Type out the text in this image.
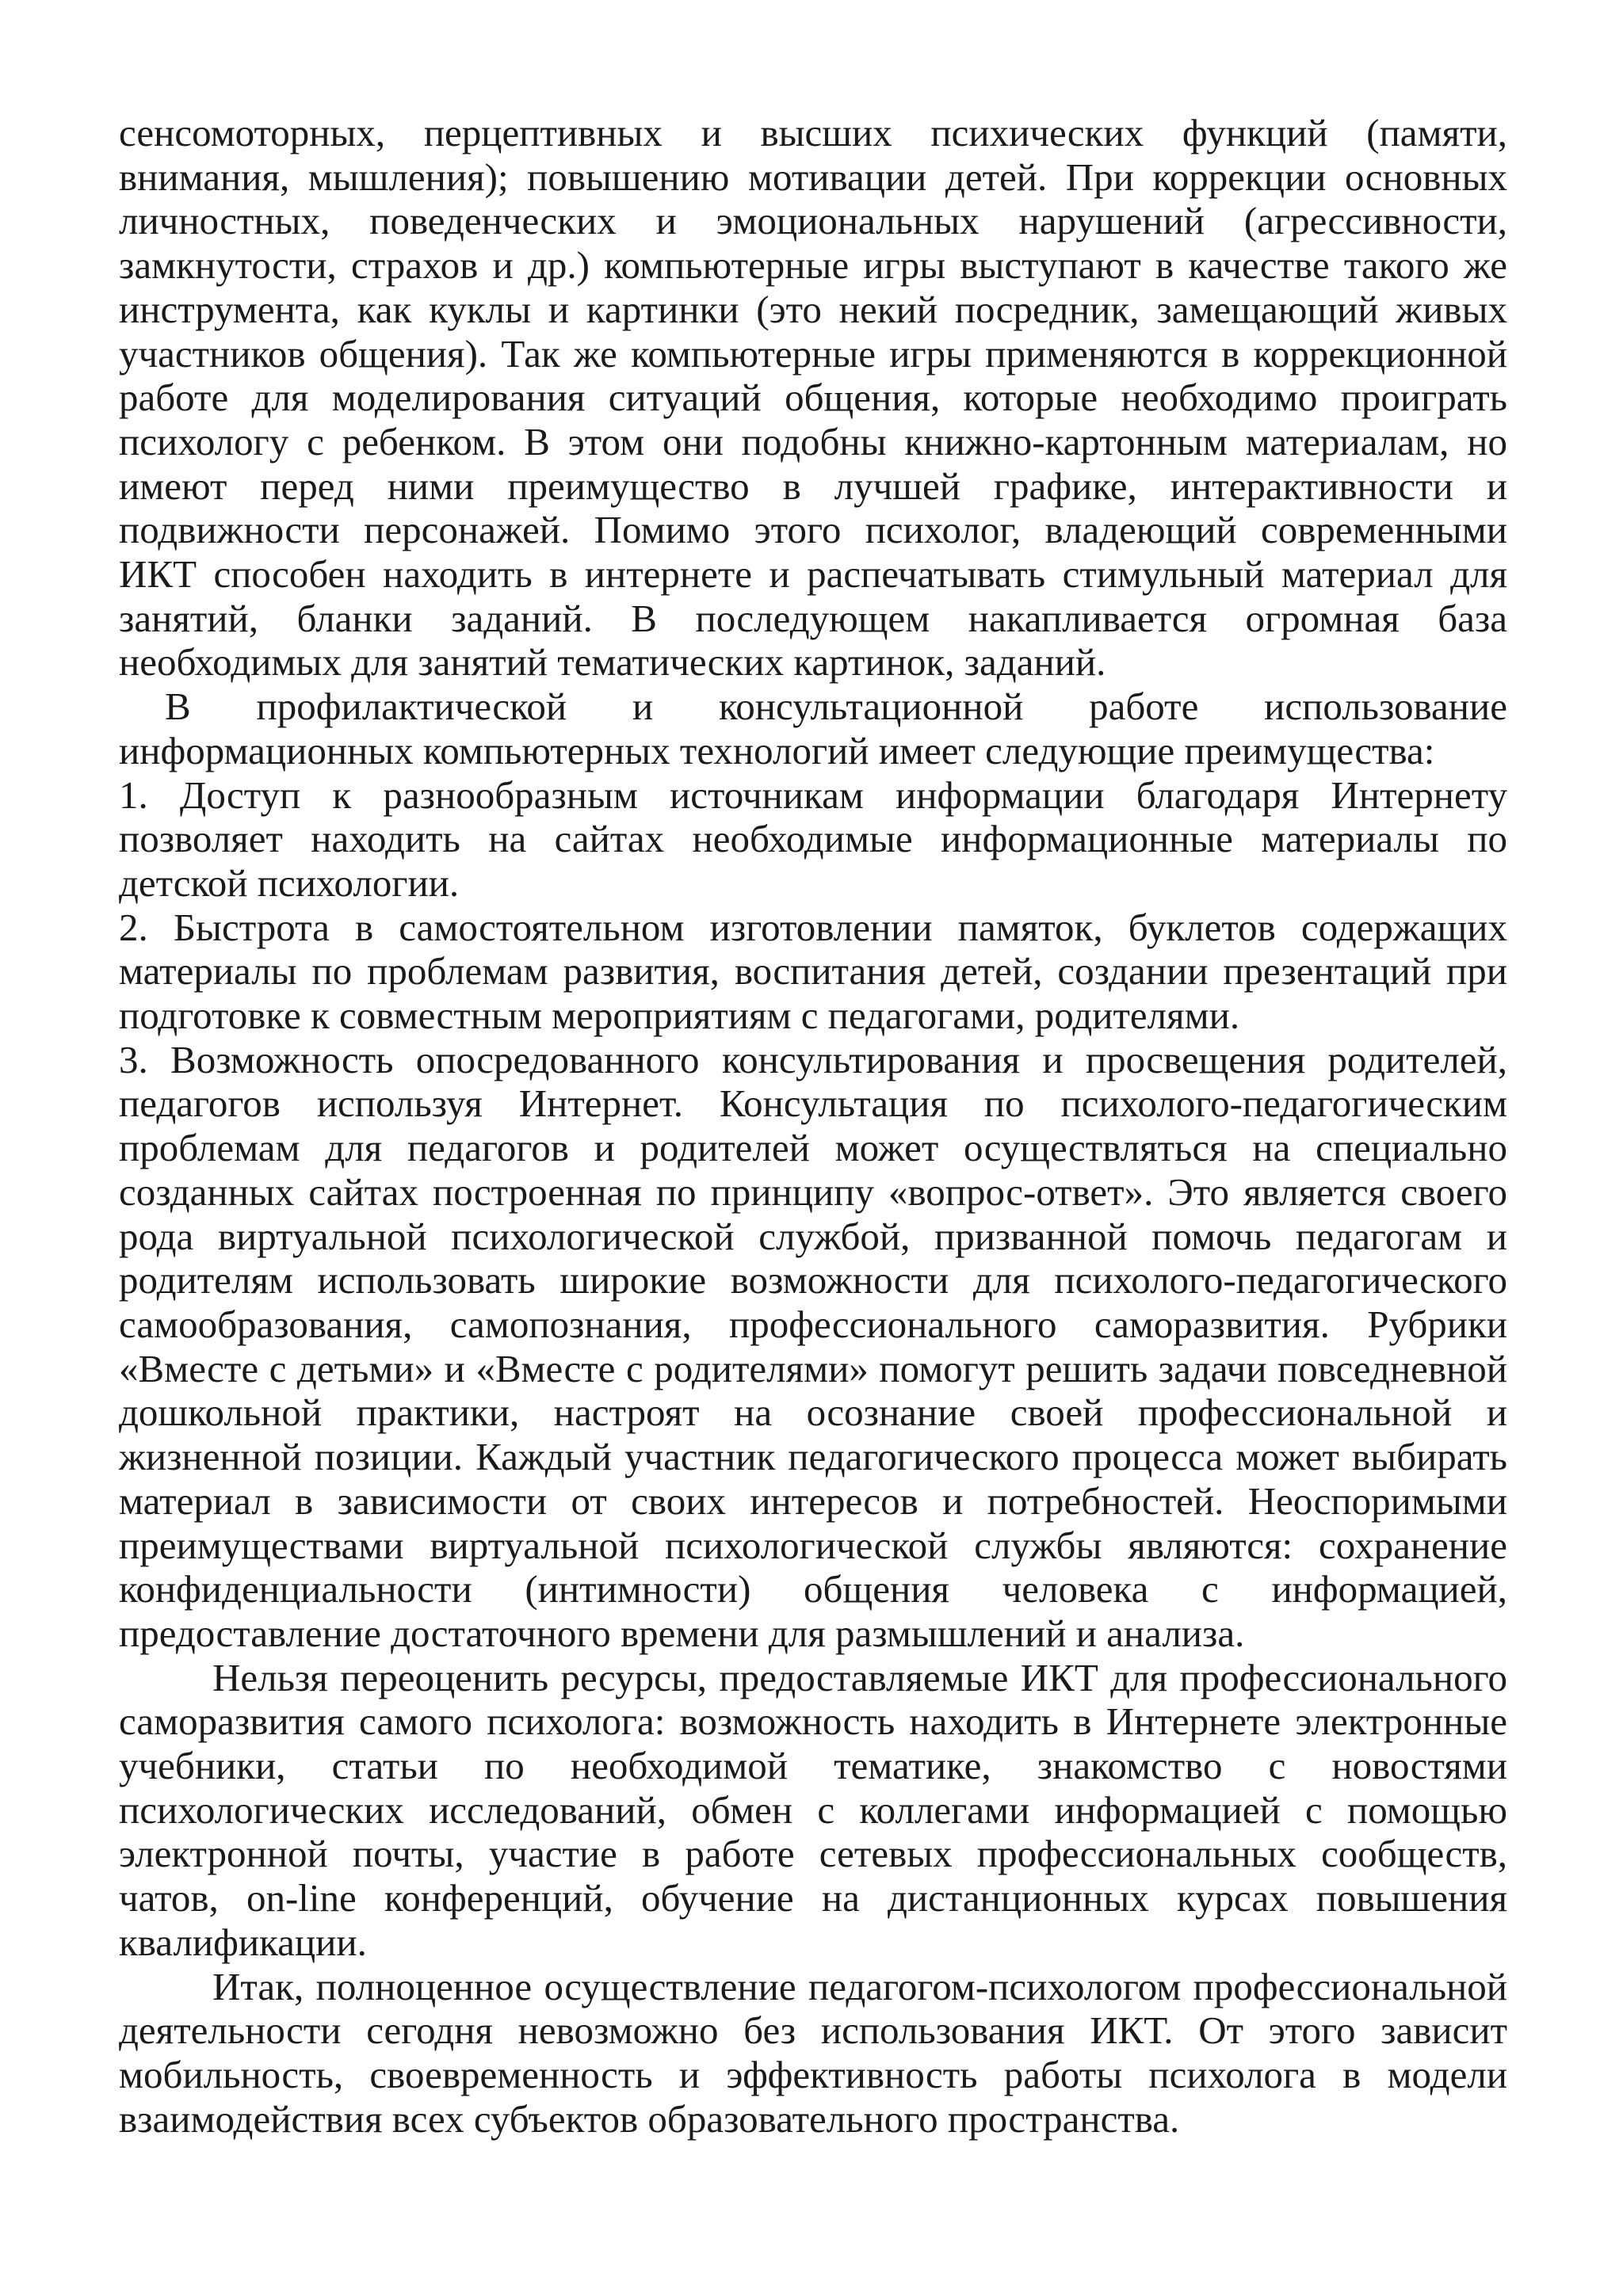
сенсомоторных, перцептивных и высших психических функций (памяти, внимания, мышления); повышению мотивации детей. При коррекции основных личностных, поведенческих и эмоциональных нарушений (агрессивности, замкнутости, страхов и др.) компьютерные игры выступают в качестве такого же инструмента, как куклы и картинки (это некий посредник, замещающий живых участников общения). Так же компьютерные игры применяются в коррекционной работе для моделирования ситуаций общения, которые необходимо проиграть психологу с ребенком. В этом они подобны книжно-картонным материалам, но имеют перед ними преимущество в лучшей графике, интерактивности и подвижности персонажей. Помимо этого психолог, владеющий современными ИКТ способен находить в интернете и распечатывать стимульный материал для занятий, бланки заданий. В последующем накапливается огромная база необходимых для занятий тематических картинок, заданий.

В профилактической и консультационной работе использование информационных компьютерных технологий имеет следующие преимущества:

1. Доступ к разнообразным источникам информации благодаря Интернету позволяет находить на сайтах необходимые информационные материалы по детской психологии.

2. Быстрота в самостоятельном изготовлении памяток, буклетов содержащих материалы по проблемам развития, воспитания детей, создании презентаций при подготовке к совместным мероприятиям с педагогами, родителями.

3. Возможность опосредованного консультирования и просвещения родителей, педагогов используя Интернет. Консультация по психолого-педагогическим проблемам для педагогов и родителей может осуществляться на специально созданных сайтах построенная по принципу «вопрос-ответ». Это является своего рода виртуальной психологической службой, призванной помочь педагогам и родителям использовать широкие возможности для психолого-педагогического самообразования, самопознания, профессионального саморазвития. Рубрики «Вместе с детьми» и «Вместе с родителями» помогут решить задачи повседневной дошкольной практики, настроят на осознание своей профессиональной и жизненной позиции. Каждый участник педагогического процесса может выбирать материал в зависимости от своих интересов и потребностей. Неоспоримыми преимуществами виртуальной психологической службы являются: сохранение конфиденциальности (интимности) общения человека с информацией, предоставление достаточного времени для размышлений и анализа.

Нельзя переоценить ресурсы, предоставляемые ИКТ для профессионального саморазвития самого психолога: возможность находить в Интернете электронные учебники, статьи по необходимой тематике, знакомство с новостями психологических исследований, обмен с коллегами информацией с помощью электронной почты, участие в работе сетевых профессиональных сообществ, чатов, on-line конференций, обучение на дистанционных курсах повышения квалификации.

Итак, полноценное осуществление педагогом-психологом профессиональной деятельности сегодня невозможно без использования ИКТ. От этого зависит мобильность, своевременность и эффективность работы психолога в модели взаимодействия всех субъектов образовательного пространства.
